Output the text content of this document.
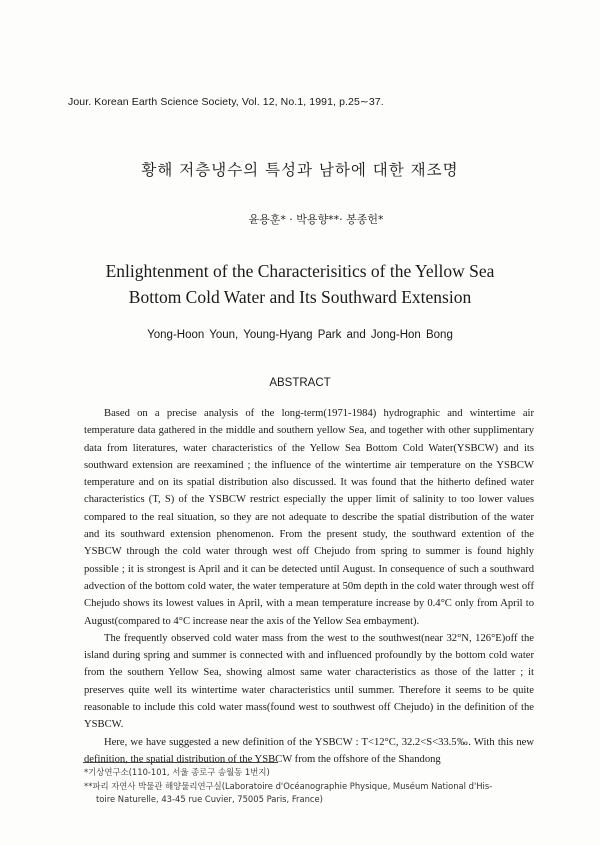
Jour. Korean Earth Science Society, Vol. 12, No.1, 1991, p.25∼37.
황해 저층냉수의 특성과 남하에 대한 재조명
윤용훈* · 박용향**· 봉종헌*
Enlightenment of the Characterisitics of the Yellow Sea
Bottom Cold Water and Its Southward Extension
Yong-Hoon Youn, Young-Hyang Park and Jong-Hon Bong
ABSTRACT

Based on a precise analysis of the long-term(1971-1984) hydrographic and wintertime air temperature data gathered in the middle and southern yellow Sea, and together with other supplimentary data from literatures, water characteristics of the Yellow Sea Bottom Cold Water(YSBCW) and its southward extension are reexamined ; the influence of the wintertime air temperature on the YSBCW temperature and on its spatial distribution also discussed. It was found that the hitherto defined water characteristics (T, S) of the YSBCW restrict especially the upper limit of salinity to too lower values compared to the real situation, so they are not adequate to describe the spatial distribution of the water and its southward extension phenomenon. From the present study, the southward extention of the YSBCW through the cold water through west off Chejudo from spring to summer is found highly possible ; it is strongest is April and it can be detected until August. In consequence of such a southward advection of the bottom cold water, the water temperature at 50m depth in the cold water through west off Chejudo shows its lowest values in April, with a mean temperature increase by 0.4°C only from April to August(compared to 4°C increase near the axis of the Yellow Sea embayment).

The frequently observed cold water mass from the west to the southwest(near 32°N, 126°E)off the island during spring and summer is connected with and influenced profoundly by the bottom cold water from the southern Yellow Sea, showing almost same water characteristics as those of the latter ; it preserves quite well its wintertime water characteristics until summer. Therefore it seems to be quite reasonable to include this cold water mass(found west to southwest off Chejudo) in the definition of the YSBCW.

Here, we have suggested a new definition of the YSBCW : T<12°C, 32.2<S<33.5‰. With this new definition, the spatial distribution of the YSBCW from the offshore of the Shandong

*기상연구소(110-101, 서울 종로구 송월동 1번지)
**파리 자연사 박물관 해양물리연구실(Laboratoire d'Océanographie Physique, Muséum National d'His-
toire Naturelle, 43-45 rue Cuvier, 75005 Paris, France)
